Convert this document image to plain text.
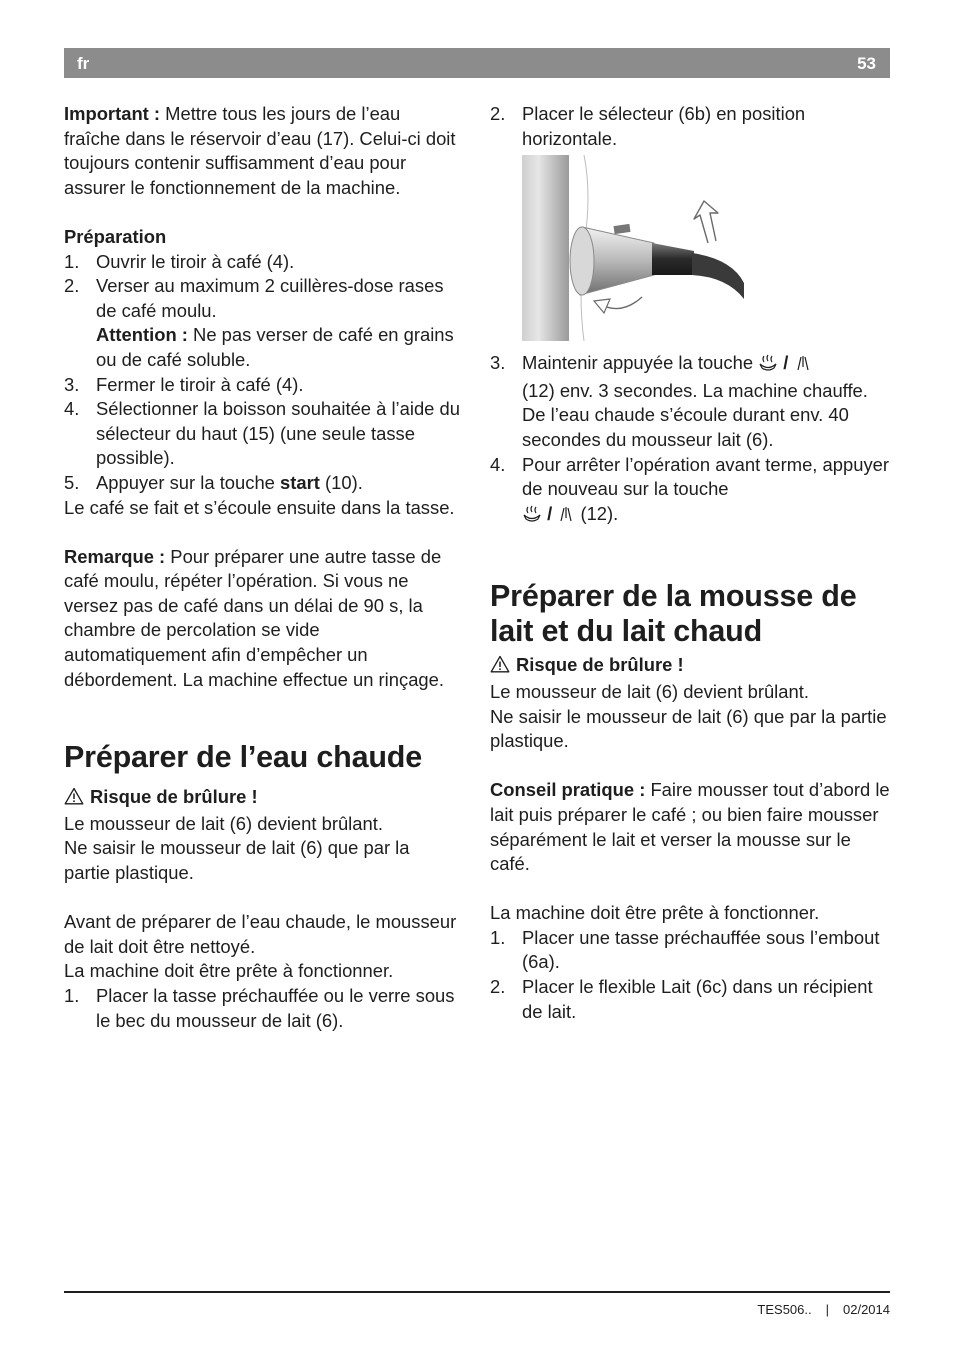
fr	53

Important : Mettre tous les jours de l’eau fraîche dans le réservoir d’eau (17). Celui-ci doit toujours contenir suffisamment d’eau pour assurer le fonctionnement de la machine.

Préparation

1. Ouvrir le tiroir à café (4).
2. Verser au maximum 2 cuillères-dose rases de café moulu.
Attention : Ne pas verser de café en grains ou de café soluble.
3. Fermer le tiroir à café (4).
4. Sélectionner la boisson souhaitée à l’aide du sélecteur du haut (15) (une seule tasse possible).
5. Appuyer sur la touche start (10).

Le café se fait et s’écoule ensuite dans la tasse.

Remarque : Pour préparer une autre tasse de café moulu, répéter l’opération. Si vous ne versez pas de café dans un délai de 90 s, la chambre de percolation se vide automatiquement afin d’empêcher un débordement. La machine effectue un rinçage.

Préparer de l’eau chaude

Risque de brûlure !

Le mousseur de lait (6) devient brûlant.

Ne saisir le mousseur de lait (6) que par la partie plastique.

Avant de préparer de l’eau chaude, le mousseur de lait doit être nettoyé.

La machine doit être prête à fonctionner.

1. Placer la tasse préchauffée ou le verre sous le bec du mousseur de lait (6).
2. Placer le sélecteur (6b) en position horizontale.
3. Maintenir appuyée la touche  /
(12) env. 3 secondes. La machine chauffe. De l’eau chaude s’écoule durant env. 40 secondes du mousseur lait (6).
4. Pour arrêter l’opération avant terme, appuyer de nouveau sur la touche
/  (12).
Préparer de la mousse de lait et du lait chaud

Risque de brûlure !

Le mousseur de lait (6) devient brûlant.

Ne saisir le mousseur de lait (6) que par la partie plastique.

Conseil pratique : Faire mousser tout d’abord le lait puis préparer le café ; ou bien faire mousser séparément le lait et verser la mousse sur le café.

La machine doit être prête à fonctionner.

1. Placer une tasse préchauffée sous l’embout (6a).
2. Placer le flexible Lait (6c) dans un récipient de lait.
TES506.. | 02/2014
